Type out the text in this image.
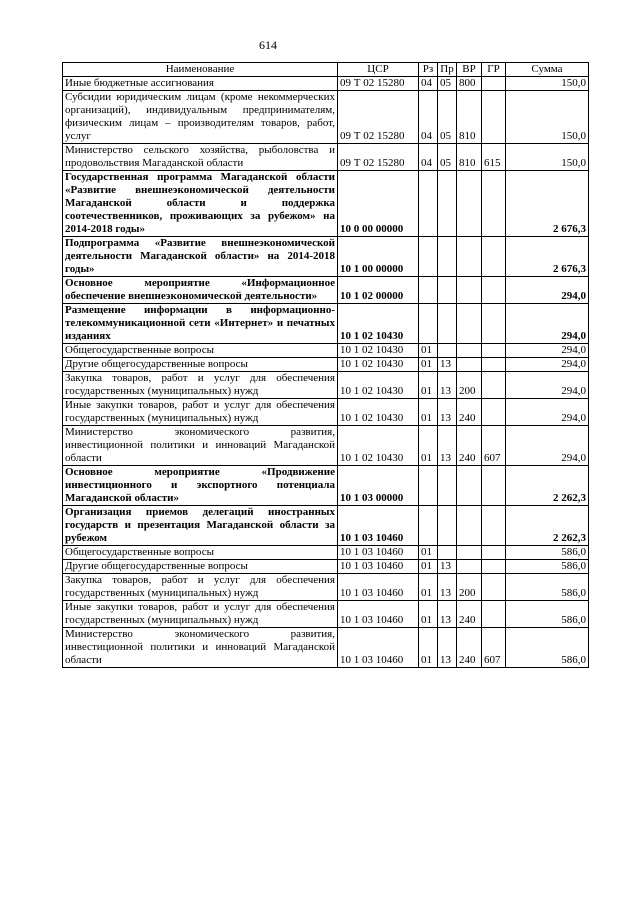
614
Наименование	ЦСР	Рз	Пр	ВР	ГР	Сумма
Иные бюджетные ассигнования	09 Т 02 15280	04	05	800		150,0
Субсидии юридическим лицам (кроме некоммерческих организаций), индивидуальным предпринимателям, физическим лицам – производителям товаров, работ, услуг	09 Т 02 15280	04	05	810		150,0
Министерство сельского хозяйства, рыболовства и продовольствия Магаданской области	09 Т 02 15280	04	05	810	615	150,0
Государственная программа Магаданской области «Развитие внешнеэкономической деятельности Магаданской области и поддержка соотечественников, проживающих за рубежом» на 2014-2018 годы»	10 0 00 00000					2 676,3
Подпрограмма «Развитие внешнеэкономической деятельности Магаданской области» на 2014-2018 годы»	10 1 00 00000					2 676,3
Основное мероприятие «Информационное обеспечение внешнеэкономической деятельности»	10 1 02 00000					294,0
Размещение информации в информационно-телекоммуникационной сети «Интернет» и печатных изданиях	10 1 02 10430					294,0
Общегосударственные вопросы	10 1 02 10430	01				294,0
Другие общегосударственные вопросы	10 1 02 10430	01	13			294,0
Закупка товаров, работ и услуг для обеспечения государственных (муниципальных) нужд	10 1 02 10430	01	13	200		294,0
Иные закупки товаров, работ и услуг для обеспечения государственных (муниципальных) нужд	10 1 02 10430	01	13	240		294,0
Министерство экономического развития, инвестиционной политики и инноваций Магаданской области	10 1 02 10430	01	13	240	607	294,0
Основное мероприятие «Продвижение инвестиционного и экспортного потенциала Магаданской области»	10 1 03 00000					2 262,3
Организация приемов делегаций иностранных государств и презентация Магаданской области за рубежом	10 1 03 10460					2 262,3
Общегосударственные вопросы	10 1 03 10460	01				586,0
Другие общегосударственные вопросы	10 1 03 10460	01	13			586,0
Закупка товаров, работ и услуг для обеспечения государственных (муниципальных) нужд	10 1 03 10460	01	13	200		586,0
Иные закупки товаров, работ и услуг для обеспечения государственных (муниципальных) нужд	10 1 03 10460	01	13	240		586,0
Министерство экономического развития, инвестиционной политики и инноваций Магаданской области	10 1 03 10460	01	13	240	607	586,0
